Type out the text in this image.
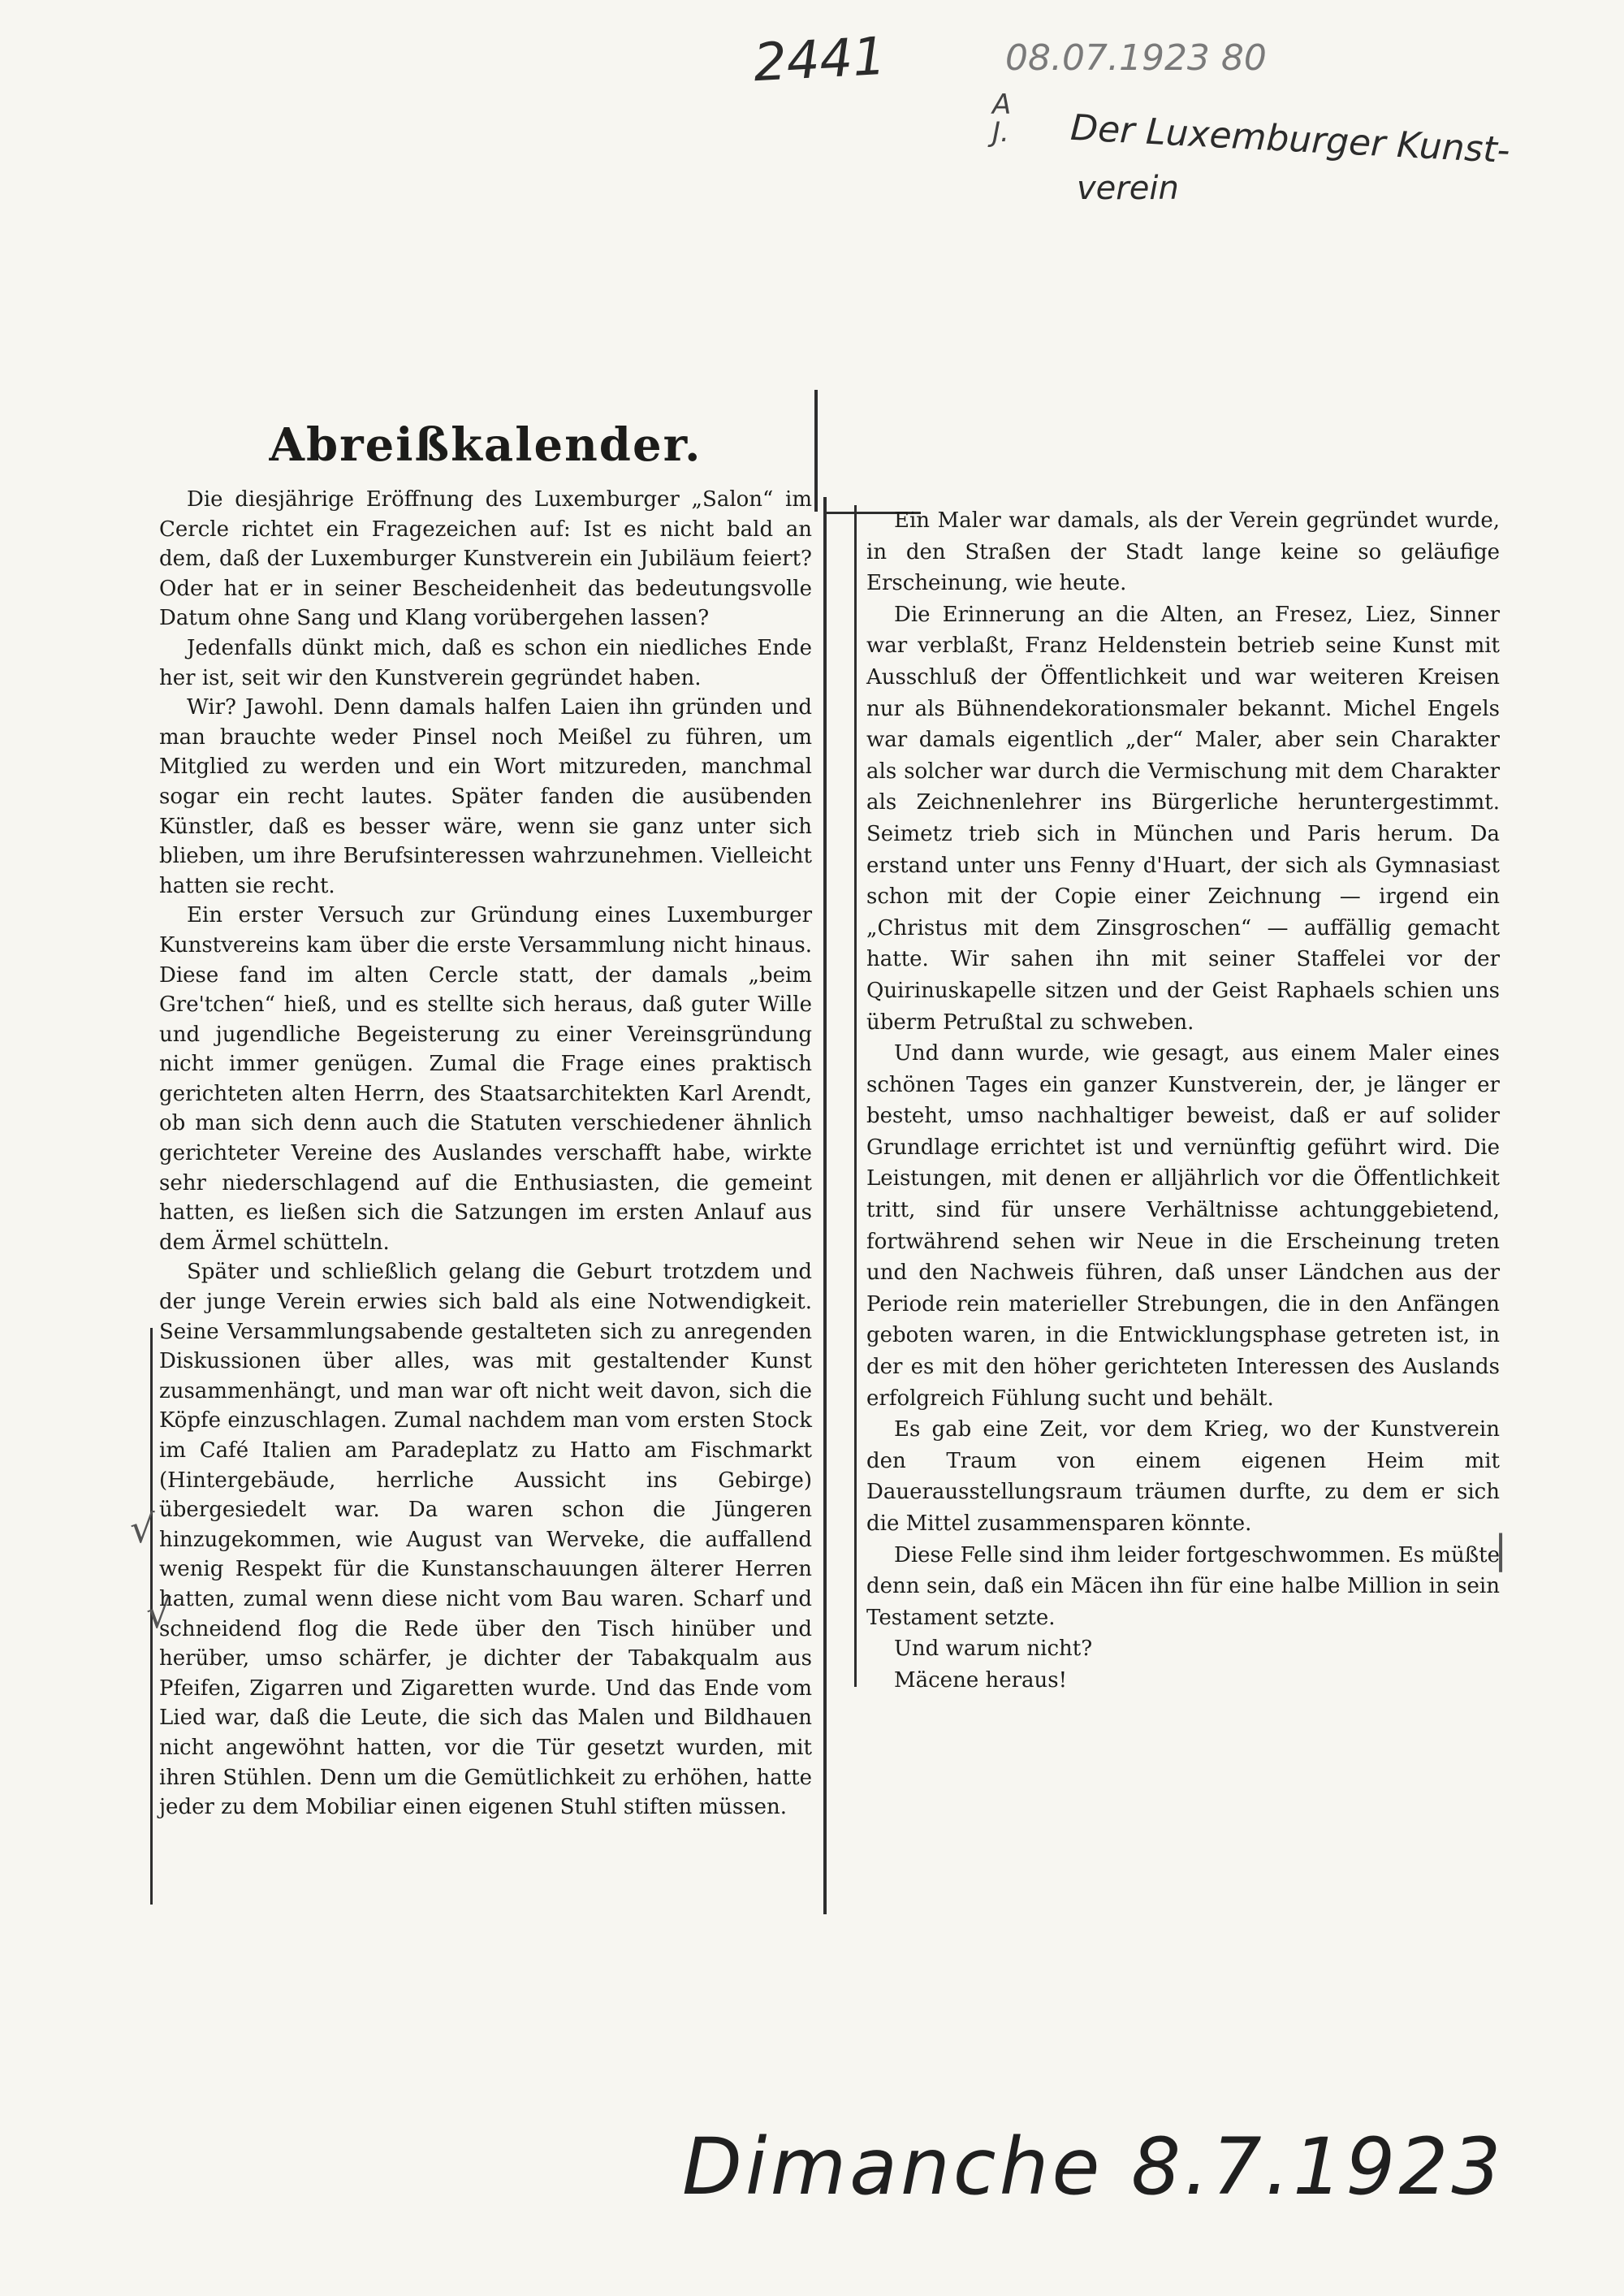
2441	08.07.1923 80
A
J. Der Luxemburger Kunst-
verein
√
√
|
Abreißkalender.

Die diesjährige Eröffnung des Luxemburger „Salon“ im Cercle richtet ein Fragezeichen auf: Ist es nicht bald an dem, daß der Luxemburger Kunstverein ein Jubiläum feiert? Oder hat er in seiner Bescheidenheit das bedeutungsvolle Datum ohne Sang und Klang vorübergehen lassen?

Jedenfalls dünkt mich, daß es schon ein niedliches Ende her ist, seit wir den Kunstverein gegründet haben.

Wir? Jawohl. Denn damals halfen Laien ihn gründen und man brauchte weder Pinsel noch Meißel zu führen, um Mitglied zu werden und ein Wort mitzureden, manchmal sogar ein recht lautes. Später fanden die ausübenden Künstler, daß es besser wäre, wenn sie ganz unter sich blieben, um ihre Berufsinteressen wahrzunehmen. Vielleicht hatten sie recht.

Ein erster Versuch zur Gründung eines Luxemburger Kunstvereins kam über die erste Versammlung nicht hinaus. Diese fand im alten Cercle statt, der damals „beim Gre'tchen“ hieß, und es stellte sich heraus, daß guter Wille und jugendliche Begeisterung zu einer Vereinsgründung nicht immer genügen. Zumal die Frage eines praktisch gerichteten alten Herrn, des Staatsarchitekten Karl Arendt, ob man sich denn auch die Statuten verschiedener ähnlich gerichteter Vereine des Auslandes verschafft habe, wirkte sehr niederschlagend auf die Enthusiasten, die gemeint hatten, es ließen sich die Satzungen im ersten Anlauf aus dem Ärmel schütteln.

Später und schließlich gelang die Geburt trotzdem und der junge Verein erwies sich bald als eine Notwendigkeit. Seine Versammlungsabende gestalteten sich zu anregenden Diskussionen über alles, was mit gestaltender Kunst zusammenhängt, und man war oft nicht weit davon, sich die Köpfe einzuschlagen. Zumal nachdem man vom ersten Stock im Café Italien am Paradeplatz zu Hatto am Fischmarkt (Hintergebäude, herrliche Aussicht ins Gebirge) übergesiedelt war. Da waren schon die Jüngeren hinzugekommen, wie August van Werveke, die auffallend wenig Respekt für die Kunstanschauungen älterer Herren hatten, zumal wenn diese nicht vom Bau waren. Scharf und schneidend flog die Rede über den Tisch hinüber und herüber, umso schärfer, je dichter der Tabakqualm aus Pfeifen, Zigarren und Zigaretten wurde. Und das Ende vom Lied war, daß die Leute, die sich das Malen und Bildhauen nicht angewöhnt hatten, vor die Tür gesetzt wurden, mit ihren Stühlen. Denn um die Gemütlichkeit zu erhöhen, hatte jeder zu dem Mobiliar einen eigenen Stuhl stiften müssen.

Ein Maler war damals, als der Verein gegründet wurde, in den Straßen der Stadt lange keine so geläufige Erscheinung, wie heute.

Die Erinnerung an die Alten, an Fresez, Liez, Sinner war verblaßt, Franz Heldenstein betrieb seine Kunst mit Ausschluß der Öffentlichkeit und war weiteren Kreisen nur als Bühnendekorationsmaler bekannt. Michel Engels war damals eigentlich „der“ Maler, aber sein Charakter als solcher war durch die Vermischung mit dem Charakter als Zeichnenlehrer ins Bürgerliche heruntergestimmt. Seimetz trieb sich in München und Paris herum. Da erstand unter uns Fenny d'Huart, der sich als Gymnasiast schon mit der Copie einer Zeichnung — irgend ein „Christus mit dem Zinsgroschen“ — auffällig gemacht hatte. Wir sahen ihn mit seiner Staffelei vor der Quirinuskapelle sitzen und der Geist Raphaels schien uns überm Petrußtal zu schweben.

Und dann wurde, wie gesagt, aus einem Maler eines schönen Tages ein ganzer Kunstverein, der, je länger er besteht, umso nachhaltiger beweist, daß er auf solider Grundlage errichtet ist und vernünftig geführt wird. Die Leistungen, mit denen er alljährlich vor die Öffentlichkeit tritt, sind für unsere Verhältnisse achtunggebietend, fortwährend sehen wir Neue in die Erscheinung treten und den Nachweis führen, daß unser Ländchen aus der Periode rein materieller Strebungen, die in den Anfängen geboten waren, in die Entwicklungsphase getreten ist, in der es mit den höher gerichteten Interessen des Auslands erfolgreich Fühlung sucht und behält.

Es gab eine Zeit, vor dem Krieg, wo der Kunstverein den Traum von einem eigenen Heim mit Dauerausstellungsraum träumen durfte, zu dem er sich die Mittel zusammensparen könnte.

Diese Felle sind ihm leider fortgeschwommen. Es müßte denn sein, daß ein Mäcen ihn für eine halbe Million in sein Testament setzte.

Und warum nicht?

Mäcene heraus!

Dimanche 8.7.1923
